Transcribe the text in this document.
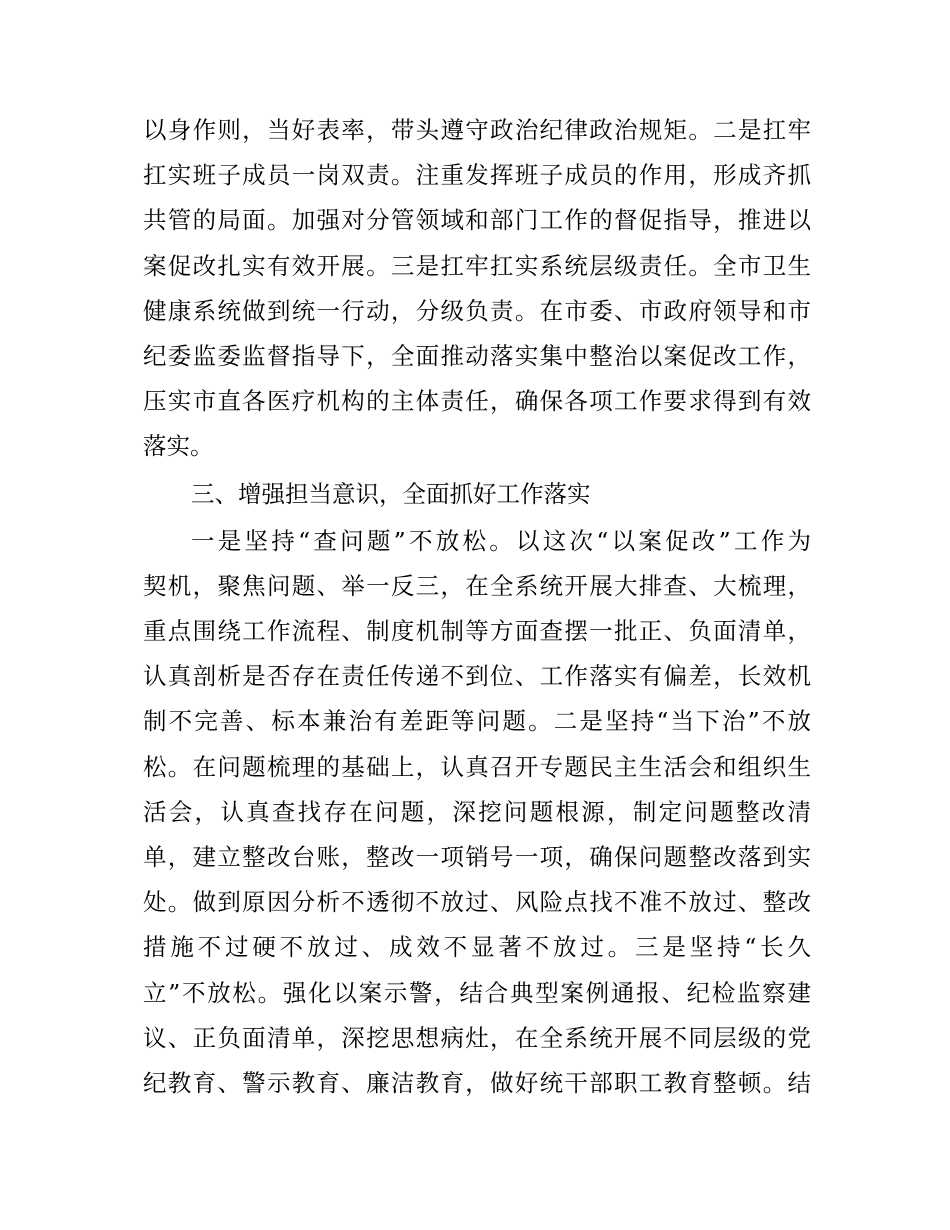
以身作则，当好表率，带头遵守政治纪律政治规矩。二是扛牢
扛实班子成员一岗双责。注重发挥班子成员的作用，形成齐抓
共管的局面。加强对分管领域和部门工作的督促指导，推进以
案促改扎实有效开展。三是扛牢扛实系统层级责任。全市卫生
健康系统做到统一行动，分级负责。在市委、市政府领导和市
纪委监委监督指导下，全面推动落实集中整治以案促改工作，
压实市直各医疗机构的主体责任，确保各项工作要求得到有效
落实。
三、增强担当意识，全面抓好工作落实
一是坚持“查问题”不放松。以这次“以案促改”工作为
契机，聚焦问题、举一反三，在全系统开展大排查、大梳理，
重点围绕工作流程、制度机制等方面查摆一批正、负面清单，
认真剖析是否存在责任传递不到位、工作落实有偏差，长效机
制不完善、标本兼治有差距等问题。二是坚持“当下治”不放
松。在问题梳理的基础上，认真召开专题民主生活会和组织生
活会，认真查找存在问题，深挖问题根源，制定问题整改清
单，建立整改台账，整改一项销号一项，确保问题整改落到实
处。做到原因分析不透彻不放过、风险点找不准不放过、整改
措施不过硬不放过、成效不显著不放过。三是坚持“长久
立”不放松。强化以案示警，结合典型案例通报、纪检监察建
议、正负面清单，深挖思想病灶，在全系统开展不同层级的党
纪教育、警示教育、廉洁教育，做好统干部职工教育整顿。结
